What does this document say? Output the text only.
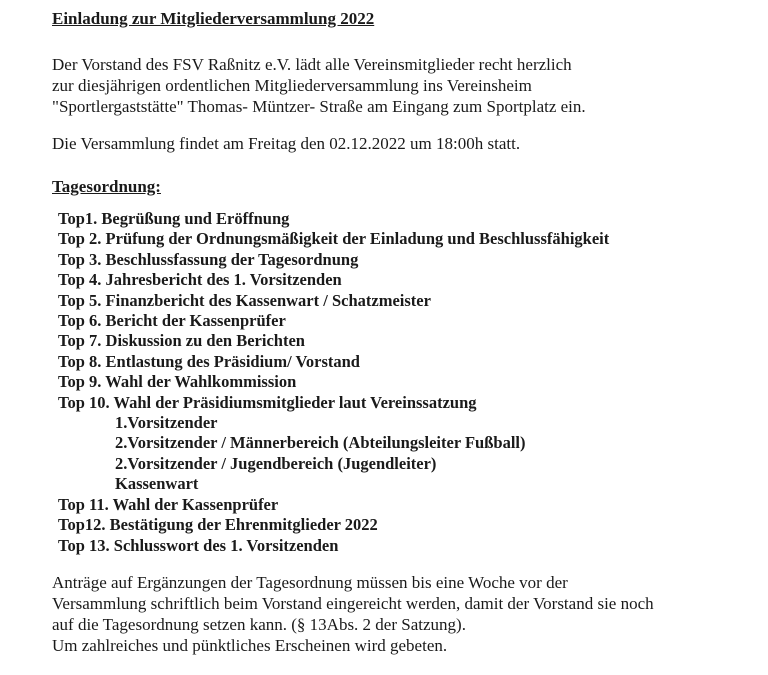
Einladung zur Mitgliederversammlung 2022

Der Vorstand des FSV Raßnitz e.V. lädt alle Vereinsmitglieder recht herzlich
zur diesjährigen ordentlichen Mitgliederversammlung ins Vereinsheim
"Sportlergaststätte" Thomas- Müntzer- Straße am Eingang zum Sportplatz ein.

Die Versammlung findet am Freitag den 02.12.2022 um 18:00h statt.

Tagesordnung:
Top1. Begrüßung und Eröffnung
Top 2. Prüfung der Ordnungsmäßigkeit der Einladung und Beschlussfähigkeit
Top 3. Beschlussfassung der Tagesordnung
Top 4. Jahresbericht des 1. Vorsitzenden
Top 5. Finanzbericht des Kassenwart / Schatzmeister
Top 6. Bericht der Kassenprüfer
Top 7. Diskussion zu den Berichten
Top 8. Entlastung des Präsidium/ Vorstand
Top 9. Wahl der Wahlkommission
Top 10. Wahl der Präsidiumsmitglieder laut Vereinssatzung
1.Vorsitzender
2.Vorsitzender / Männerbereich (Abteilungsleiter Fußball)
2.Vorsitzender / Jugendbereich (Jugendleiter)
Kassenwart
Top 11. Wahl der Kassenprüfer
Top12. Bestätigung der Ehrenmitglieder 2022
Top 13. Schlusswort des 1. Vorsitzenden

Anträge auf Ergänzungen der Tagesordnung müssen bis eine Woche vor der
Versammlung schriftlich beim Vorstand eingereicht werden, damit der Vorstand sie noch
auf die Tagesordnung setzen kann. (§ 13Abs. 2 der Satzung).
Um zahlreiches und pünktliches Erscheinen wird gebeten.
